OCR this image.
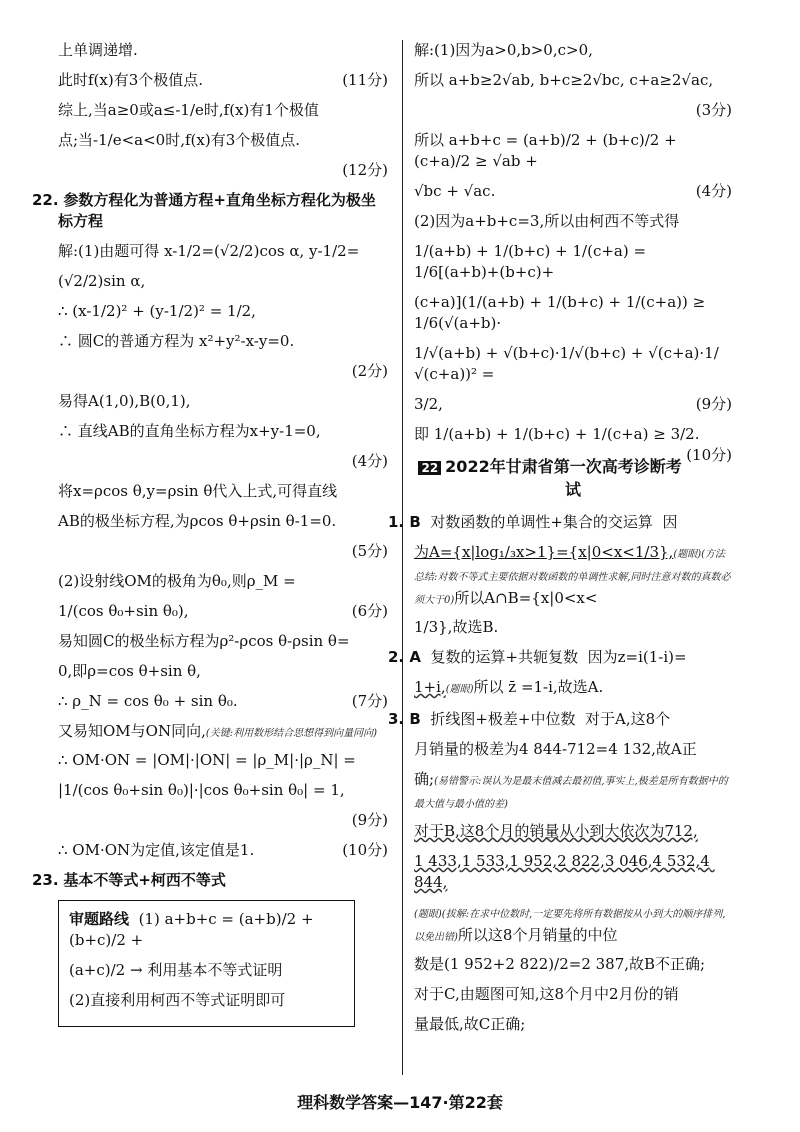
上单调递增.
此时f(x)有3个极值点.	(11分)
综上,当a≥0或a≤-1/e时,f(x)有1个极值
点;当-1/e<a<0时,f(x)有3个极值点.
(12分)
22. 参数方程化为普通方程+直角坐标方程化为极坐标方程
解:(1)由题可得 x-1/2=(√2/2)cos α, y-1/2=
(√2/2)sin α,
∴ (x-1/2)² + (y-1/2)² = 1/2,
∴ 圆C的普通方程为 x²+y²-x-y=0.
(2分)
易得A(1,0),B(0,1),
∴ 直线AB的直角坐标方程为x+y-1=0,
(4分)
将x=ρcos θ,y=ρsin θ代入上式,可得直线
AB的极坐标方程,为ρcos θ+ρsin θ-1=0.
(5分)
(2)设射线OM的极角为θ₀,则ρ_M =
1/(cos θ₀+sin θ₀),	(6分)
易知圆C的极坐标方程为ρ²-ρcos θ-ρsin θ=
0,即ρ=cos θ+sin θ,
∴ ρ_N = cos θ₀ + sin θ₀.	(7分)
又易知OM与ON同向,(关键:利用数形结合思想得到向量同向)
∴ OM·ON = |OM|·|ON| = |ρ_M|·|ρ_N| =
|1/(cos θ₀+sin θ₀)|·|cos θ₀+sin θ₀| = 1,
(9分)
∴ OM·ON为定值,该定值是1.	(10分)
23. 基本不等式+柯西不等式
审题路线 (1) a+b+c = (a+b)/2 + (b+c)/2 +
(a+c)/2 → 利用基本不等式证明
(2)直接利用柯西不等式证明即可
解:(1)因为a>0,b>0,c>0,
所以 a+b≥2√ab, b+c≥2√bc, c+a≥2√ac,
(3分)
所以 a+b+c = (a+b)/2 + (b+c)/2 + (c+a)/2 ≥ √ab +
√bc + √ac.	(4分)
(2)因为a+b+c=3,所以由柯西不等式得
1/(a+b) + 1/(b+c) + 1/(c+a) = 1/6[(a+b)+(b+c)+
(c+a)](1/(a+b) + 1/(b+c) + 1/(c+a)) ≥ 1/6(√(a+b)·
1/√(a+b) + √(b+c)·1/√(b+c) + √(c+a)·1/√(c+a))² =
3/2,	(9分)
即 1/(a+b) + 1/(b+c) + 1/(c+a) ≥ 3/2.
(10分)
22 2022年甘肃省第一次高考诊断考试
1. B 对数函数的单调性+集合的交运算  因
为A={x|log₁/₃x>1}={x|0<x<1/3},(题眼)(方法总结:对数不等式主要依据对数函数的单调性求解,同时注意对数的真数必须大于0)所以A∩B={x|0<x<
1/3},故选B.
2. A 复数的运算+共轭复数  因为z=i(1-i)=
1+i,(题眼)所以 z̄ =1-i,故选A.
3. B 折线图+极差+中位数  对于A,这8个
月销量的极差为4 844-712=4 132,故A正
确;(易错警示:误认为是最末值减去最初值,事实上,极差是所有数据中的最大值与最小值的差)
对于B,这8个月的销量从小到大依次为712,
1 433,1 533,1 952,2 822,3 046,4 532,4 844,
(题眼)(拔解:在求中位数时,一定要先将所有数据按从小到大的顺序排列,以免出错)所以这8个月销量的中位
数是(1 952+2 822)/2=2 387,故B不正确;
对于C,由题图可知,这8个月中2月份的销
量最低,故C正确;
理科数学答案—147·第22套
